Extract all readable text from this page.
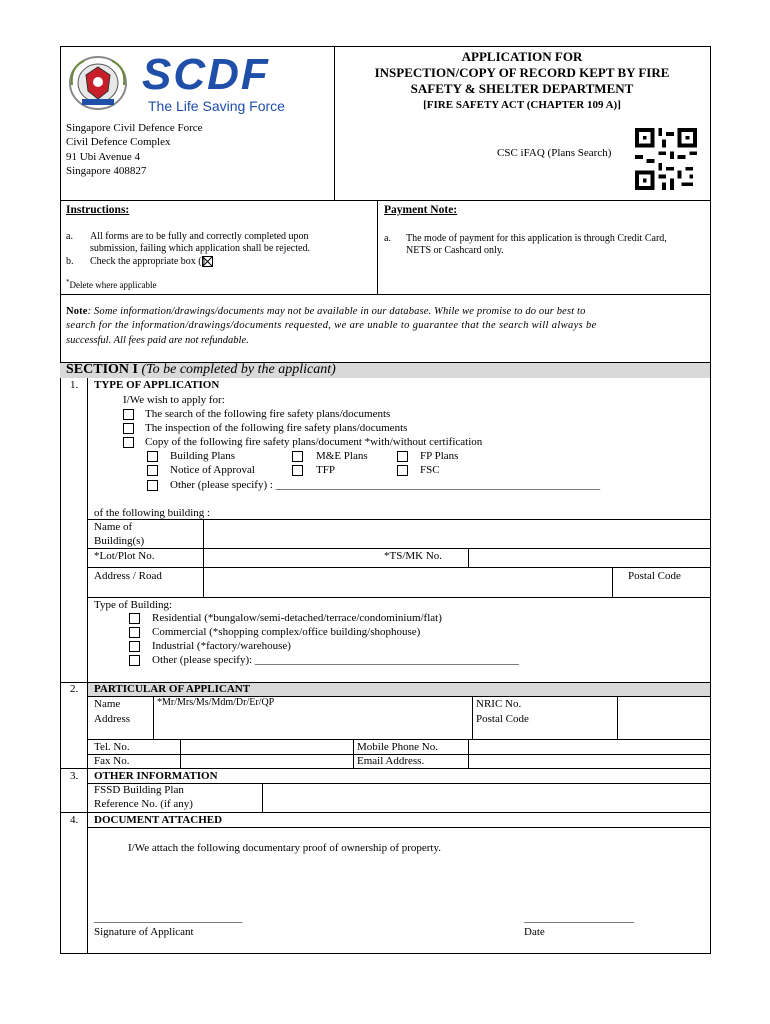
SCDF
The Life Saving Force
Singapore Civil Defence Force
Civil Defence Complex
91 Ubi Avenue 4
Singapore 408827
APPLICATION FOR
INSPECTION/COPY OF RECORD KEPT BY FIRE
SAFETY & SHELTER DEPARTMENT
[FIRE SAFETY ACT (CHAPTER 109 A)]
CSC iFAQ (Plans Search)
Instructions:
a. All forms are to be fully and correctly completed upon
submission, failing which application shall be rejected.
b. Check the appropriate box (
)
*Delete where applicable
Payment Note:
a. The mode of payment for this application is through Credit Card,
NETS or Cashcard only.
Note: Some information/drawings/documents may not be available in our database. While we promise to do our best to
search for the information/drawings/documents requested, we are unable to guarantee that the search will always be
successful. All fees paid are not refundable.
SECTION I (To be completed by the applicant)
1. TYPE OF APPLICATION
I/We wish to apply for:
The search of the following fire safety plans/documents
The inspection of the following fire safety plans/documents
Copy of the following fire safety plans/document *with/without certification
Building Plans	M&E Plans	FP Plans
Notice of Approval	TFP	FSC
Other (please specify) : ___________________________________________________________
of the following building :
Name of
Building(s)
*Lot/Plot No.	*TS/MK No.
Address / Road	Postal Code
Type of Building:
Residential (*bungalow/semi-detached/terrace/condominium/flat)
Commercial (*shopping complex/office building/shophouse)
Industrial (*factory/warehouse)
Other (please specify): ________________________________________________
2. PARTICULAR OF APPLICANT
Name	*Mr/Mrs/Ms/Mdm/Dr/Er/QP	NRIC No.
Address	Postal Code
Tel. No.	Mobile Phone No.
Fax No.	Email Address.
3. OTHER INFORMATION
FSSD Building Plan
Reference No. (if any)
4. DOCUMENT ATTACHED
I/We attach the following documentary proof of ownership of property.
___________________________
Signature of Applicant
____________________
Date
